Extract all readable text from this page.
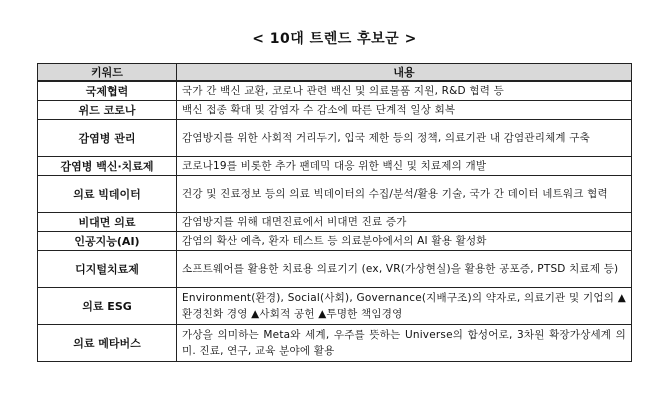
< 10대 트렌드 후보군 >
키워드	내용
국제협력	국가 간 백신 교환, 코로나 관련 백신 및 의료물품 지원, R&D 협력 등
위드 코로나	백신 접종 확대 및 감염자 수 감소에 따른 단계적 일상 회복
감염병 관리	감염방지를 위한 사회적 거리두기, 입국 제한 등의 정책, 의료기관 내 감염관리체계 구축
감염병 백신·치료제	코로나19를 비롯한 추가 팬데믹 대응 위한 백신 및 치료제의 개발
의료 빅데이터	건강 및 진료정보 등의 의료 빅데이터의 수집/분석/활용 기술, 국가 간 데이터 네트워크 협력
비대면 의료	감염방지를 위해 대면진료에서 비대면 진료 증가
인공지능(AI)	감염의 확산 예측, 환자 테스트 등 의료분야에서의 AI 활용 활성화
디지털치료제	소프트웨어를 활용한 치료용 의료기기 (ex, VR(가상현실)을 활용한 공포증, PTSD 치료제 등)
의료 ESG	Environment(환경), Social(사회), Governance(지배구조)의 약자로, 의료기관 및 기업의 ▲환경친화 경영 ▲사회적 공헌 ▲투명한 책임경영
의료 메타버스	가상을 의미하는 Meta와 세계, 우주를 뜻하는 Universe의 합성어로, 3차원 확장가상세계 의미. 진료, 연구, 교육 분야에 활용
